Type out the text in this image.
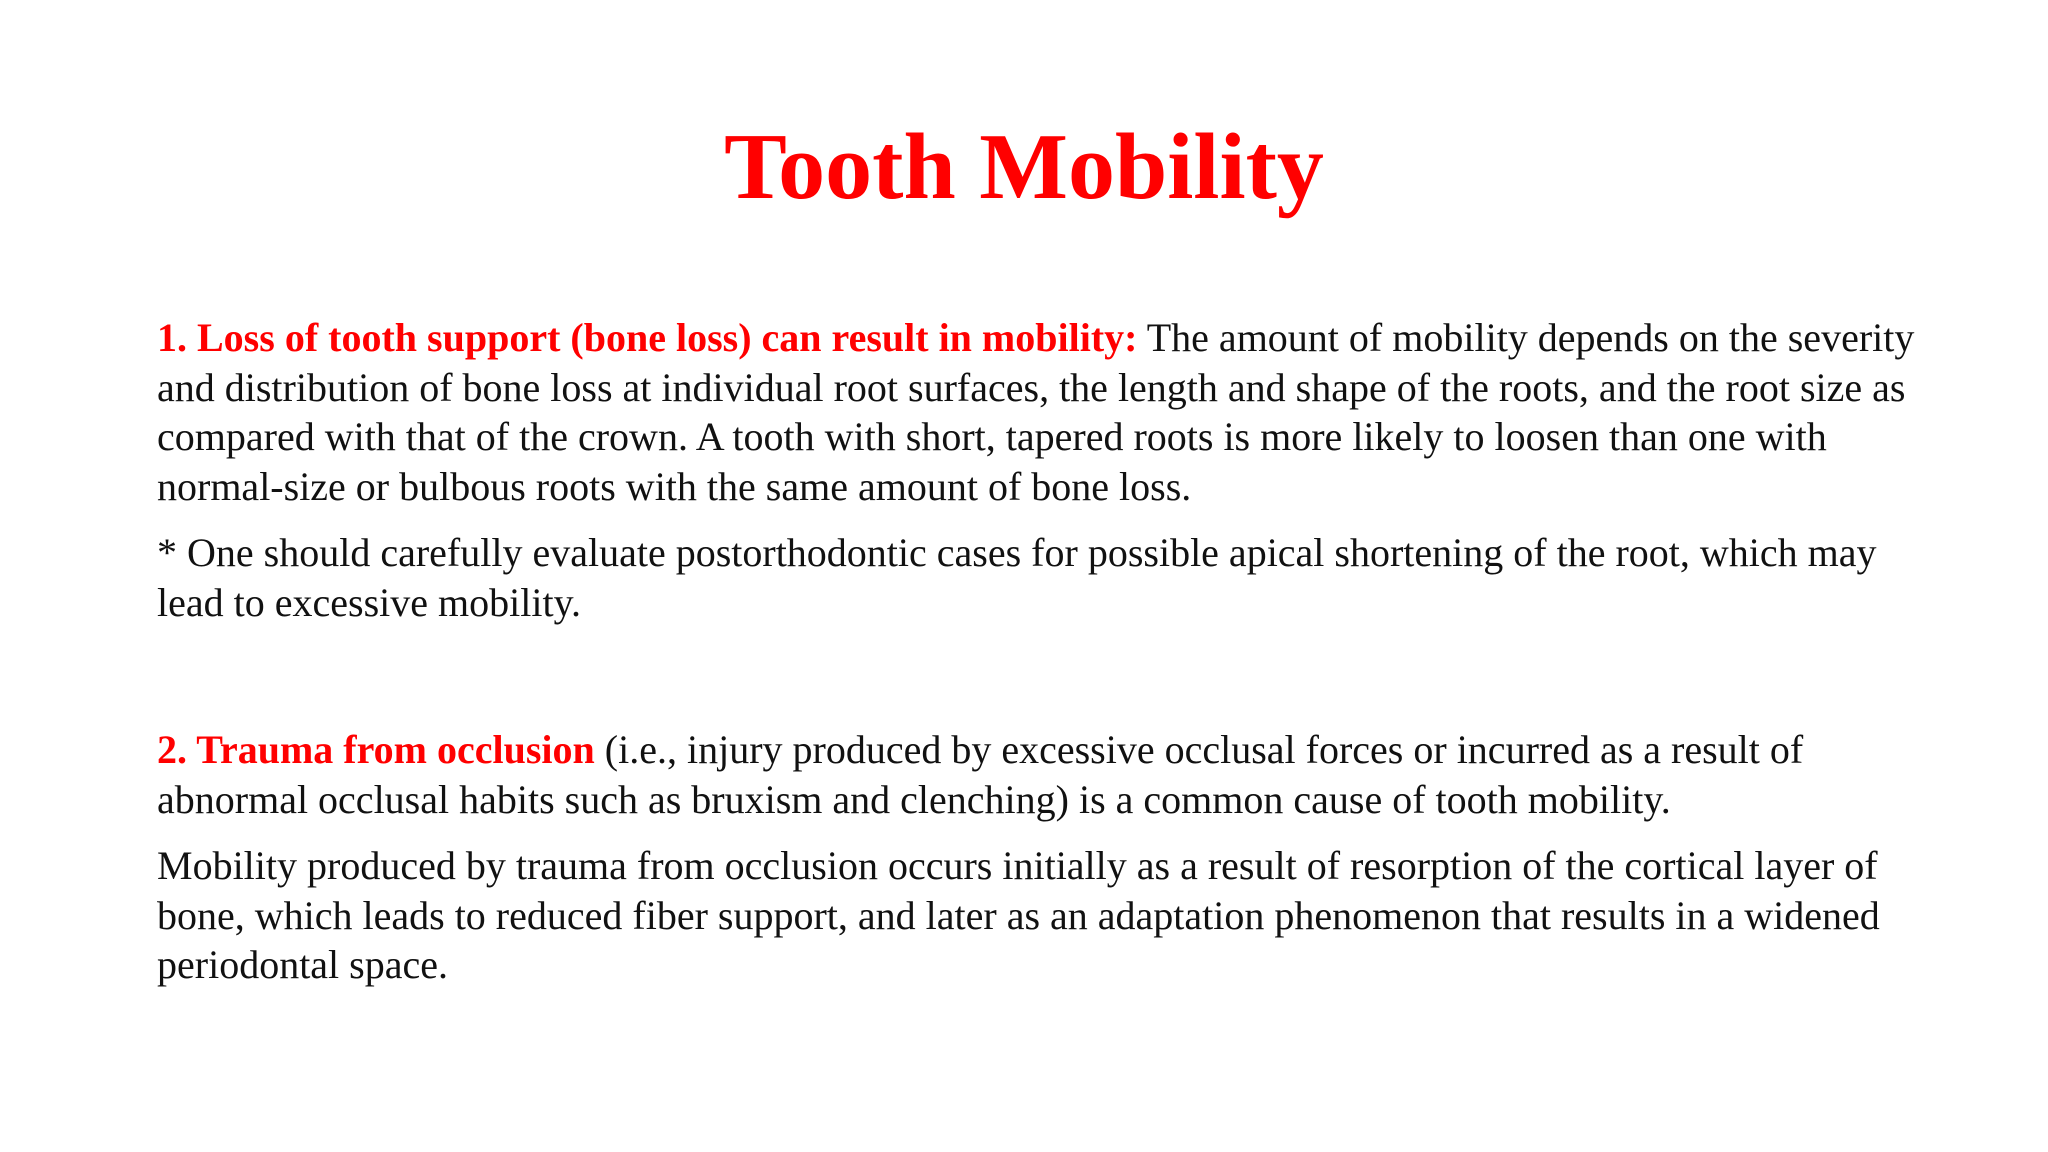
Tooth Mobility

1. Loss of tooth support (bone loss) can result in mobility: The amount of mobility depends on the severity and distribution of bone loss at individual root surfaces, the length and shape of the roots, and the root size as compared with that of the crown. A tooth with short, tapered roots is more likely to loosen than one with normal-size or bulbous roots with the same amount of bone loss.

* One should carefully evaluate postorthodontic cases for possible apical shortening of the root, which may lead to excessive mobility.

2. Trauma from occlusion (i.e., injury produced by excessive occlusal forces or incurred as a result of abnormal occlusal habits such as bruxism and clenching) is a common cause of tooth mobility.

Mobility produced by trauma from occlusion occurs initially as a result of resorption of the cortical layer of bone, which leads to reduced fiber support, and later as an adaptation phenomenon that results in a widened periodontal space.
